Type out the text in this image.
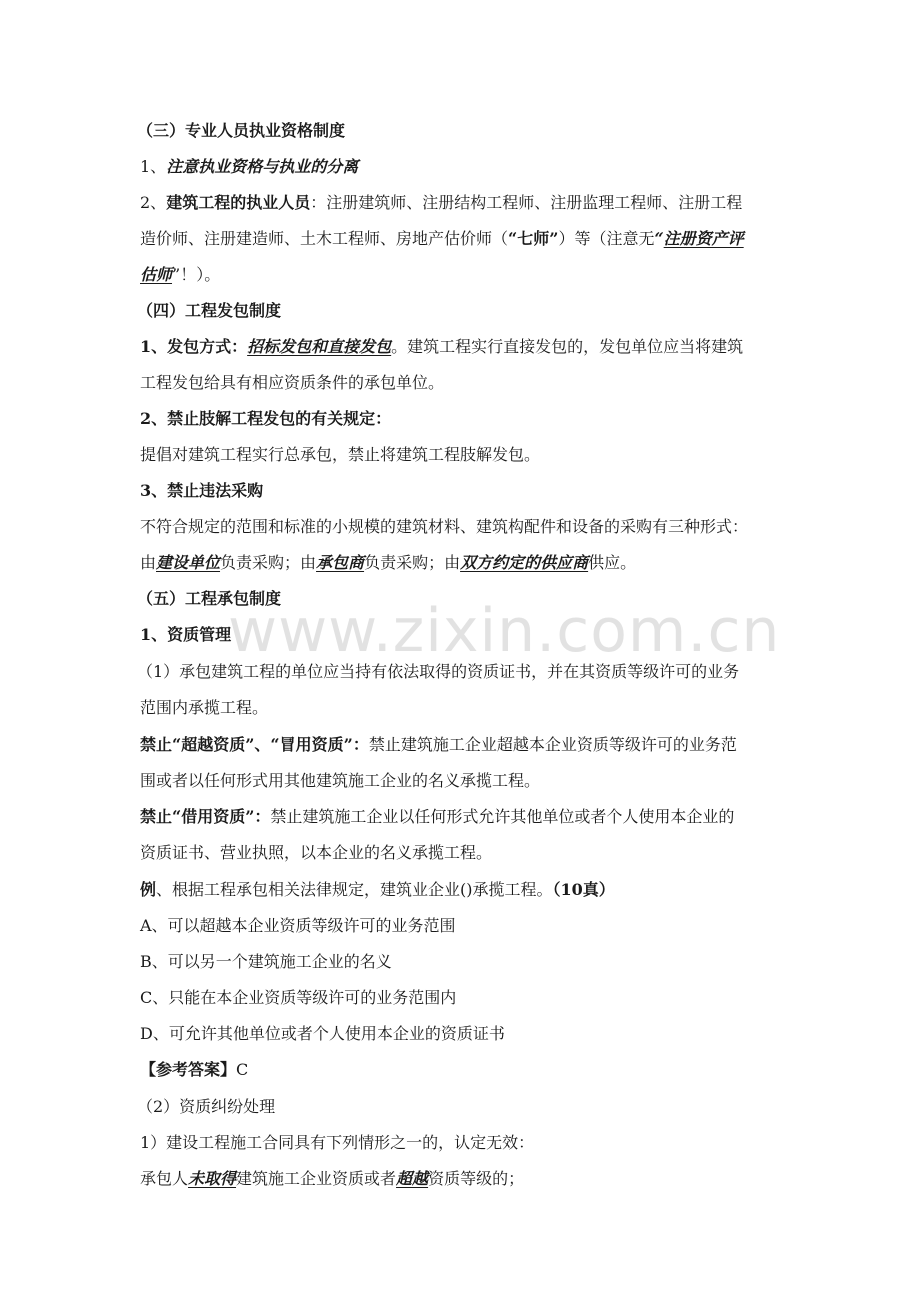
www.zixin.com.cn
（三）专业人员执业资格制度
1、注意执业资格与执业的分离
2、建筑工程的执业人员：注册建筑师、注册结构工程师、注册监理工程师、注册工程
造价师、注册建造师、土木工程师、房地产估价师（“七师”）等（注意无“注册资产评
估师”！）。
（四）工程发包制度
1、发包方式：招标发包和直接发包。建筑工程实行直接发包的，发包单位应当将建筑
工程发包给具有相应资质条件的承包单位。
2、禁止肢解工程发包的有关规定：
提倡对建筑工程实行总承包，禁止将建筑工程肢解发包。
3、禁止违法采购
不符合规定的范围和标准的小规模的建筑材料、建筑构配件和设备的采购有三种形式：
由建设单位负责采购；由承包商负责采购；由双方约定的供应商供应。
（五）工程承包制度
1、资质管理
（1）承包建筑工程的单位应当持有依法取得的资质证书，并在其资质等级许可的业务
范围内承揽工程。
禁止“超越资质”、“冒用资质”：禁止建筑施工企业超越本企业资质等级许可的业务范
围或者以任何形式用其他建筑施工企业的名义承揽工程。
禁止“借用资质”：禁止建筑施工企业以任何形式允许其他单位或者个人使用本企业的
资质证书、营业执照，以本企业的名义承揽工程。
例、根据工程承包相关法律规定，建筑业企业()承揽工程。（10真）
A、可以超越本企业资质等级许可的业务范围
B、可以另一个建筑施工企业的名义
C、只能在本企业资质等级许可的业务范围内
D、可允许其他单位或者个人使用本企业的资质证书
【参考答案】C
（2）资质纠纷处理
1）建设工程施工合同具有下列情形之一的，认定无效：
承包人未取得建筑施工企业资质或者超越资质等级的；
